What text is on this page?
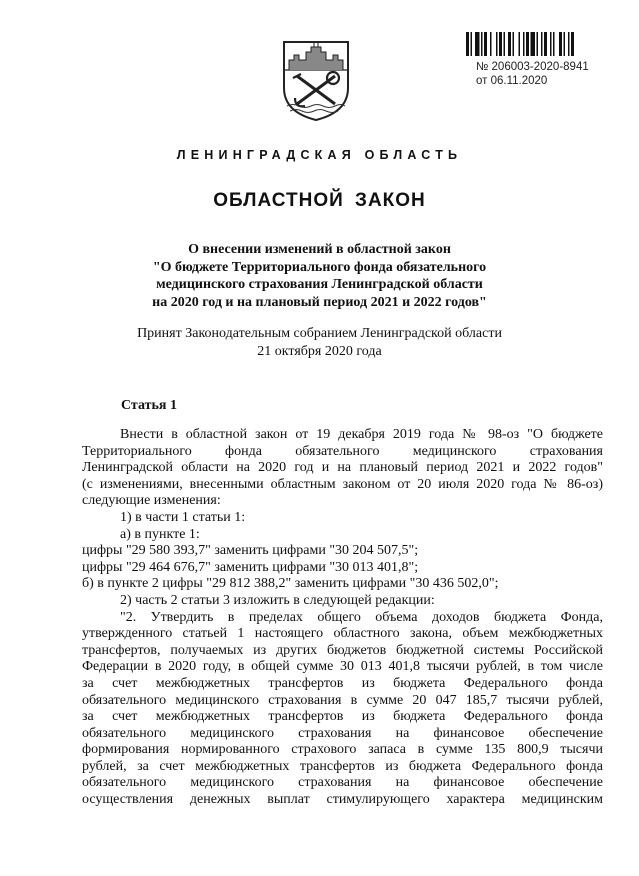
№ 206003-2020-8941
от 06.11.2020
ЛЕНИНГРАДСКАЯ ОБЛАСТЬ
ОБЛАСТНОЙ ЗАКОН
О внесении изменений в областной закон
"О бюджете Территориального фонда обязательного
медицинского страхования Ленинградской области
на 2020 год и на плановый период 2021 и 2022 годов"
Принят Законодательным собранием Ленинградской области
21 октября 2020 года
Статья 1
Внести в областной закон от 19 декабря 2019 года № 98-оз "О бюджете
Территориального фонда обязательного медицинского страхования
Ленинградской области на 2020 год и на плановый период 2021 и 2022 годов"
(с изменениями, внесенными областным законом от 20 июля 2020 года № 86-оз)
следующие изменения:
1) в части 1 статьи 1:
а) в пункте 1:
цифры "29 580 393,7" заменить цифрами "30 204 507,5";
цифры "29 464 676,7" заменить цифрами "30 013 401,8";
б) в пункте 2 цифры "29 812 388,2" заменить цифрами "30 436 502,0";
2) часть 2 статьи 3 изложить в следующей редакции:
"2. Утвердить в пределах общего объема доходов бюджета Фонда,
утвержденного статьей 1 настоящего областного закона, объем межбюджетных
трансфертов, получаемых из других бюджетов бюджетной системы Российской
Федерации в 2020 году, в общей сумме 30 013 401,8 тысячи рублей, в том числе
за счет межбюджетных трансфертов из бюджета Федерального фонда
обязательного медицинского страхования в сумме 20 047 185,7 тысячи рублей,
за счет межбюджетных трансфертов из бюджета Федерального фонда
обязательного медицинского страхования на финансовое обеспечение
формирования нормированного страхового запаса в сумме 135 800,9 тысячи
рублей, за счет межбюджетных трансфертов из бюджета Федерального фонда
обязательного медицинского страхования на финансовое обеспечение
осуществления денежных выплат стимулирующего характера медицинским
